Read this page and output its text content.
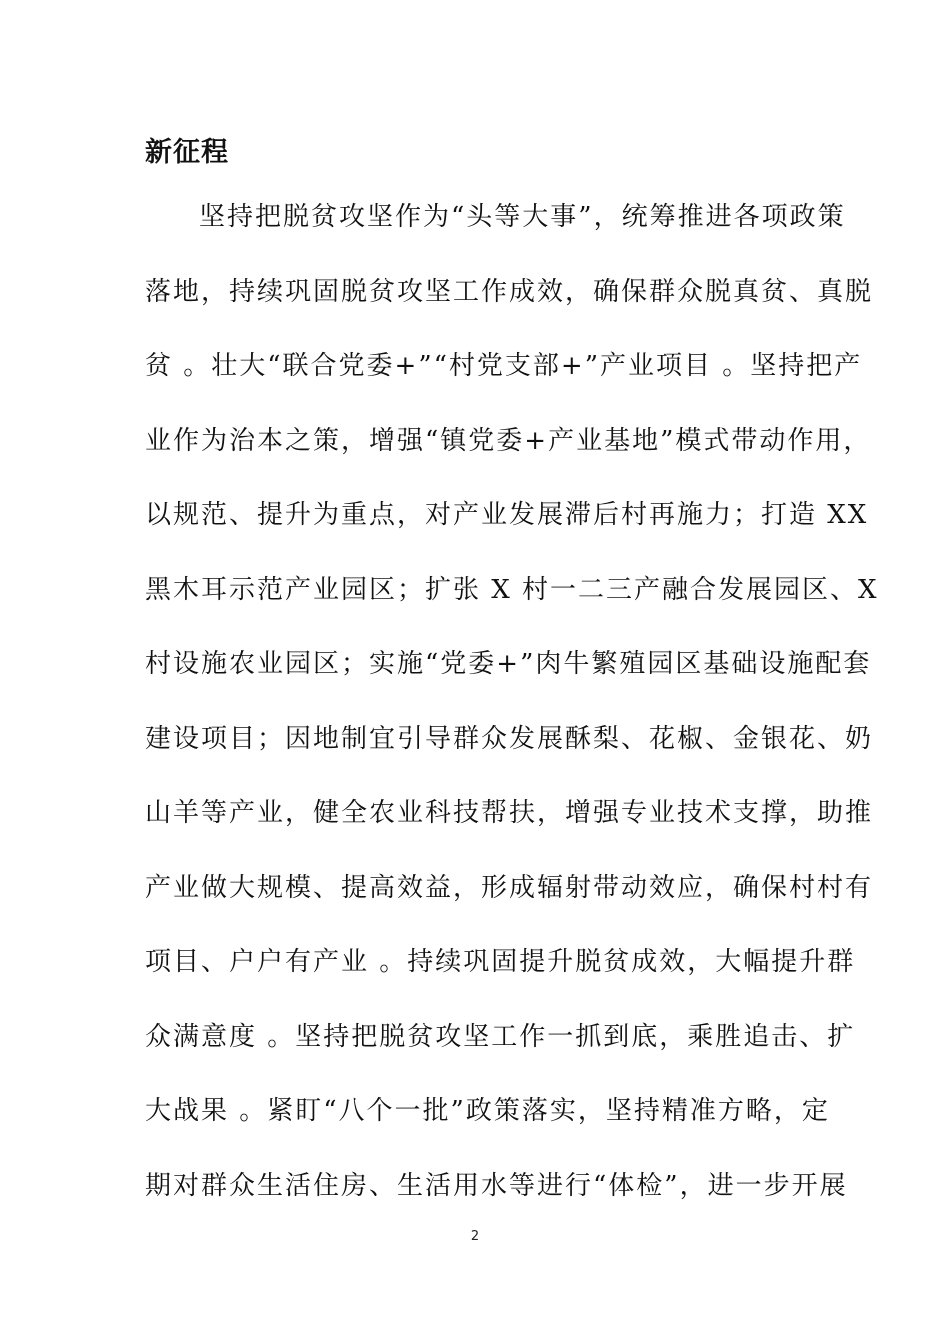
新征程
坚持把脱贫攻坚作为“头等大事”，统筹推进各项政策
落地，持续巩固脱贫攻坚工作成效，确保群众脱真贫、真脱
贫 。壮大“联合党委+”“村党支部+”产业项目 。坚持把产
业作为治本之策，增强“镇党委+产业基地”模式带动作用，
以规范、提升为重点，对产业发展滞后村再施力；打造 XX
黑木耳示范产业园区；扩张 X 村一二三产融合发展园区、X
村设施农业园区；实施“党委+”肉牛繁殖园区基础设施配套
建设项目；因地制宜引导群众发展酥梨、花椒、金银花、奶
山羊等产业，健全农业科技帮扶，增强专业技术支撑，助推
产业做大规模、提高效益，形成辐射带动效应，确保村村有
项目、户户有产业 。持续巩固提升脱贫成效，大幅提升群
众满意度 。坚持把脱贫攻坚工作一抓到底，乘胜追击、扩
大战果 。紧盯“八个一批”政策落实，坚持精准方略，定
期对群众生活住房、生活用水等进行“体检”，进一步开展
2
